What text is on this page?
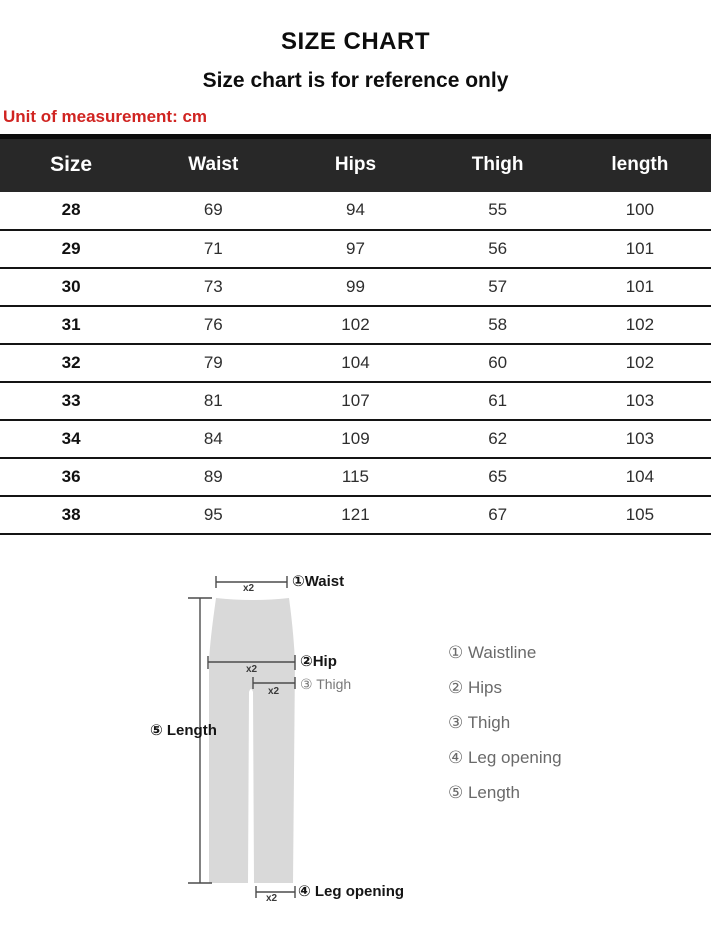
SIZE CHART
Size chart is for reference only
Unit of measurement: cm
Size	Waist	Hips	Thigh	length
28	69	94	55	100
29	71	97	56	101
30	73	99	57	101
31	76	102	58	102
32	79	104	60	102
33	81	107	61	103
34	84	109	62	103
36	89	115	65	104
38	95	121	67	105
x2
x2
x2
x2
①Waist
②Hip
③ Thigh
④ Leg opening
⑤ Length
① Waistline
② Hips
③ Thigh
④ Leg opening
⑤ Length
